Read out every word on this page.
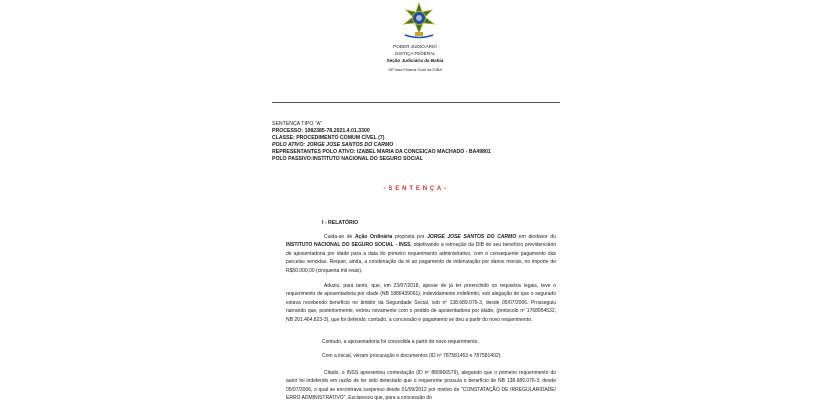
PODER JUDICIÁRIO
JUSTIÇA FEDERAL
Seção Judiciária da Bahia
15ª Vara Federal Cível da SJBA
SENTENÇA TIPO "A"
PROCESSO: 1082385-78.2021.4.01.3300
CLASSE: PROCEDIMENTO COMUM CÍVEL (7)
POLO ATIVO: JORGE JOSE SANTOS DO CARMO
REPRESENTANTES POLO ATIVO: IZABEL MARIA DA CONCEICAO MACHADO - BA49801
POLO PASSIVO:INSTITUTO NACIONAL DO SEGURO SOCIAL
- S E N T E N Ç A -
I - RELATÓRIO
Cuida-se de Ação Ordinária proposta por JORGE JOSE SANTOS DO CARMO em desfavor do INSTITUTO NACIONAL DO SEGURO SOCIAL - INSS, objetivando a retroação da DIB do seu benefício previdenciário de aposentadoria por idade para a data do primeiro requerimento administrativo, com o consequente pagamento das parcelas vencidas. Requer, ainda, a condenação da ré ao pagamento de indenização por danos morais, no importe de R$50.000,00 (cinquenta mil reais).
Aduziu, para tanto, que, em 23/07/2018, apesar de já ter preenchido os requisitos legais, teve o requerimento de aposentadoria por idade (NB 1886439061), indevidamente indeferido, sob alegação de que o segurado estava recebendo benefício no âmbito da Seguridade Social, sob nº 138.689.076-3, desde 05/07/2006. Prosseguiu narrando que, posteriormente, entrou novamente com o pedido de aposentadoria por idade, (protocolo nº 1768954532, NB 201.464.823-3), que foi deferido, contudo, a concessão e pagamento se deu a partir do novo requerimento.
Contudo, a aposentadoria foi concedida a partir do novo requerimento.
Com a inicial, vieram procuração e documentos (ID nº 787581453 e 787581492).
Citado, o INSS apresentou contestação (ID nº 880966579), alegando que o primeiro requerimento do autor foi indeferido em razão de ter sido detectado que o requerente possuía o benefício de NB 138.689.076-3, desde 05/07/2006, o qual se encontrava suspenso desde 01/09/2012 por motivo de "CONSTATAÇÃO DE IRREGULARIDADE/ ERRO ADMINISTRATIVO". Esclareceu que, para a concessão do
